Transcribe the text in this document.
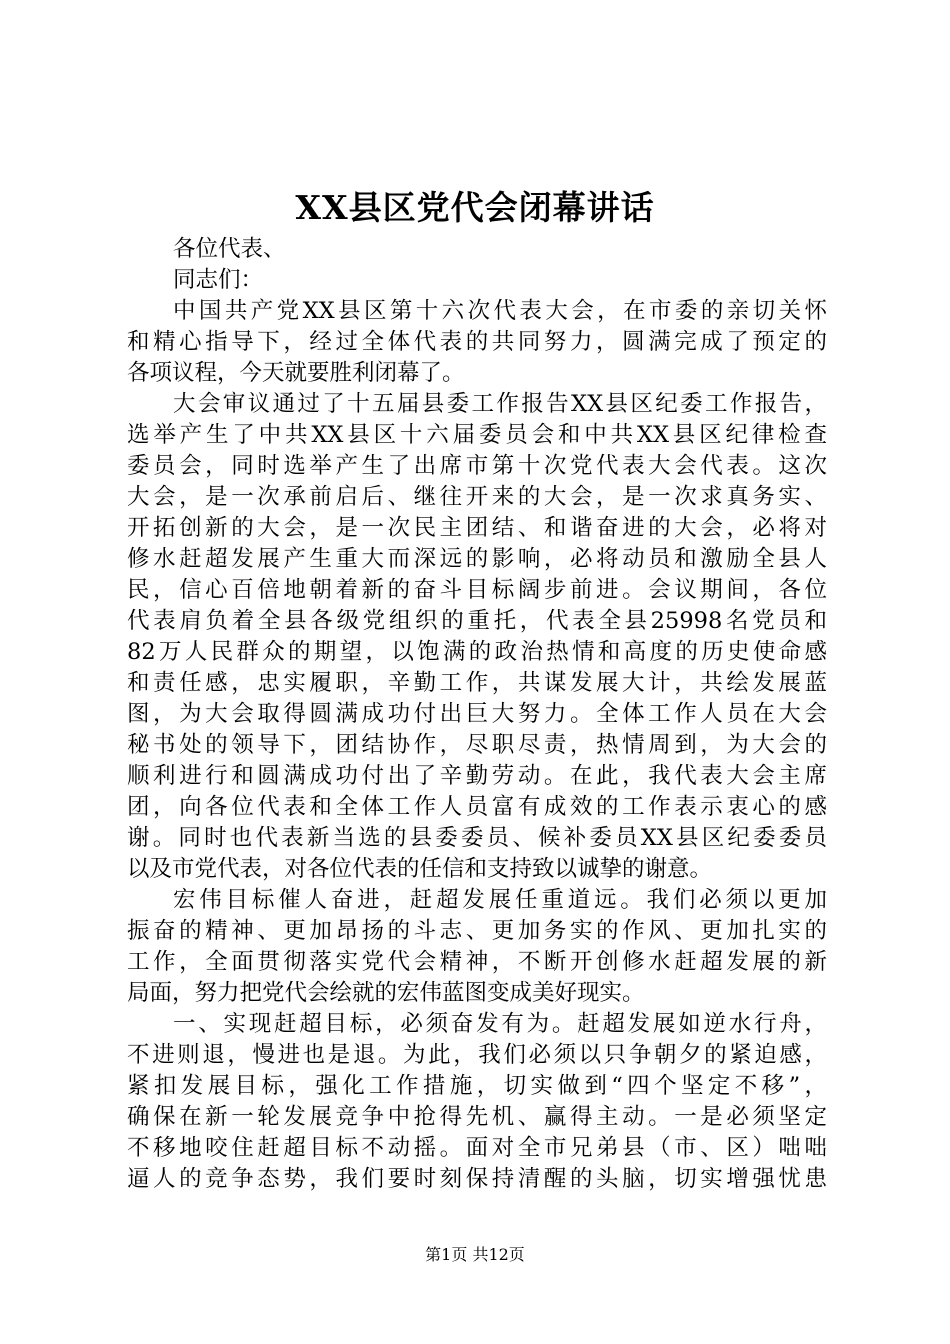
XX县区党代会闭幕讲话
各位代表、
同志们：
中国共产党XX县区第十六次代表大会，在市委的亲切关怀
和精心指导下，经过全体代表的共同努力，圆满完成了预定的
各项议程，今天就要胜利闭幕了。
大会审议通过了十五届县委工作报告XX县区纪委工作报告，
选举产生了中共XX县区十六届委员会和中共XX县区纪律检查
委员会，同时选举产生了出席市第十次党代表大会代表。这次
大会，是一次承前启后、继往开来的大会，是一次求真务实、
开拓创新的大会，是一次民主团结、和谐奋进的大会，必将对
修水赶超发展产生重大而深远的影响，必将动员和激励全县人
民，信心百倍地朝着新的奋斗目标阔步前进。会议期间，各位
代表肩负着全县各级党组织的重托，代表全县25998名党员和
82万人民群众的期望，以饱满的政治热情和高度的历史使命感
和责任感，忠实履职，辛勤工作，共谋发展大计，共绘发展蓝
图，为大会取得圆满成功付出巨大努力。全体工作人员在大会
秘书处的领导下，团结协作，尽职尽责，热情周到，为大会的
顺利进行和圆满成功付出了辛勤劳动。在此，我代表大会主席
团，向各位代表和全体工作人员富有成效的工作表示衷心的感
谢。同时也代表新当选的县委委员、候补委员XX县区纪委委员
以及市党代表，对各位代表的任信和支持致以诚挚的谢意。
宏伟目标催人奋进，赶超发展任重道远。我们必须以更加
振奋的精神、更加昂扬的斗志、更加务实的作风、更加扎实的
工作，全面贯彻落实党代会精神，不断开创修水赶超发展的新
局面，努力把党代会绘就的宏伟蓝图变成美好现实。
一、实现赶超目标，必须奋发有为。赶超发展如逆水行舟，
不进则退，慢进也是退。为此，我们必须以只争朝夕的紧迫感，
紧扣发展目标，强化工作措施，切实做到“四个坚定不移”，
确保在新一轮发展竞争中抢得先机、赢得主动。一是必须坚定
不移地咬住赶超目标不动摇。面对全市兄弟县（市、区）咄咄
逼人的竞争态势，我们要时刻保持清醒的头脑，切实增强忧患
第1页 共12页
